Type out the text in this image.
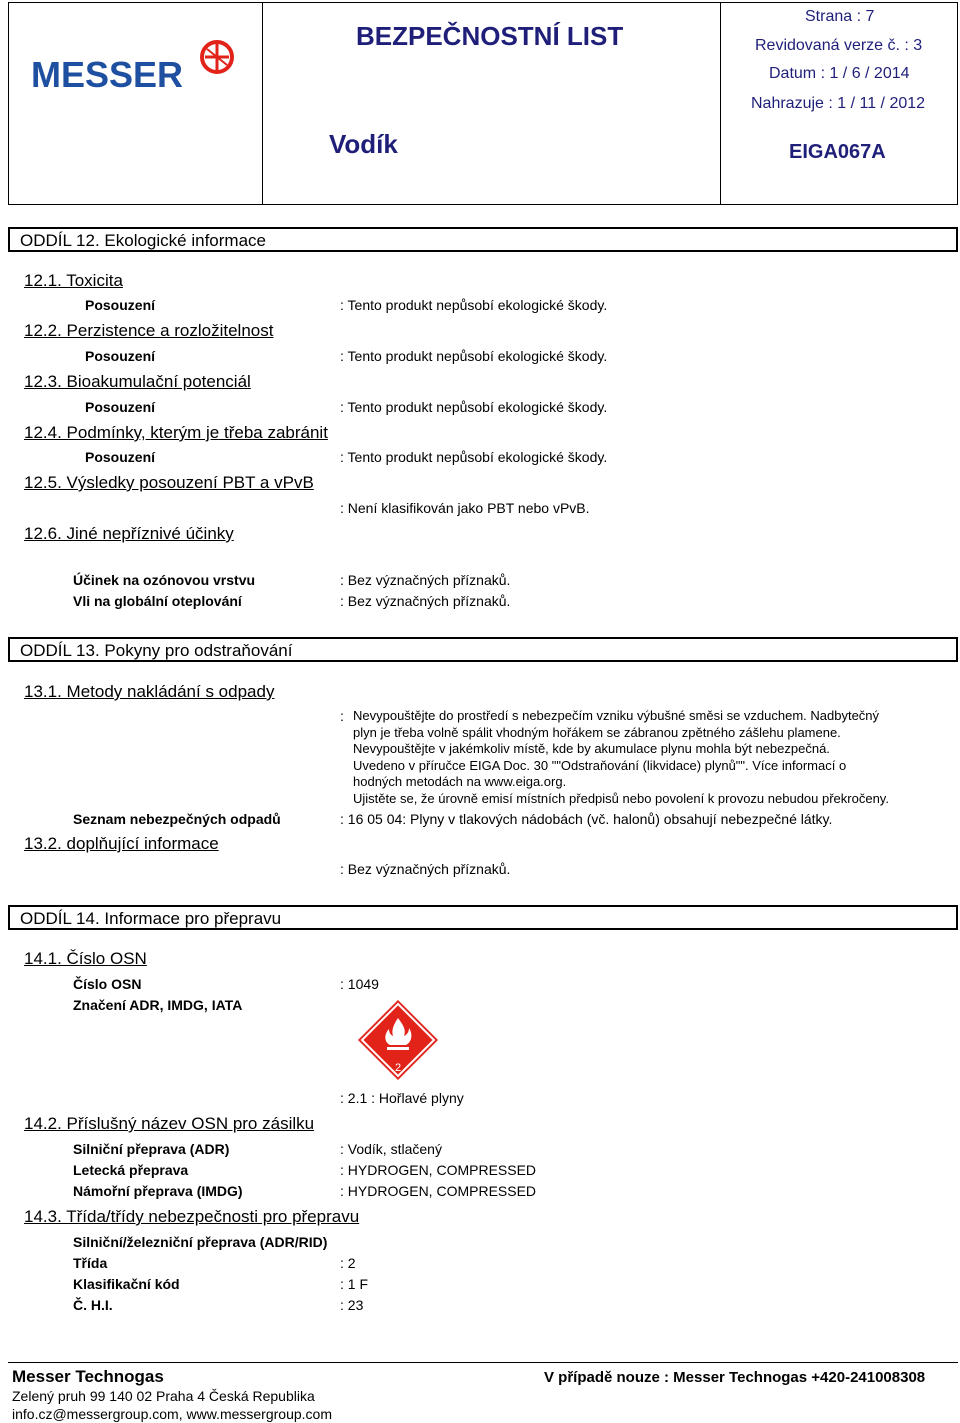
MESSER
BEZPEČNOSTNÍ LIST
Vodík
Strana : 7
Revidovaná verze č. : 3
Datum : 1 / 6 / 2014
Nahrazuje : 1 / 11 / 2012
EIGA067A
ODDÍL 12. Ekologické informace
12.1. Toxicita
Posouzení	: Tento produkt nepůsobí ekologické škody.
12.2. Perzistence a rozložitelnost
Posouzení	: Tento produkt nepůsobí ekologické škody.
12.3. Bioakumulační potenciál
Posouzení	: Tento produkt nepůsobí ekologické škody.
12.4. Podmínky, kterým je třeba zabránit
Posouzení	: Tento produkt nepůsobí ekologické škody.
12.5. Výsledky posouzení PBT a vPvB
: Není klasifikován jako PBT nebo vPvB.
12.6. Jiné nepříznivé účinky
Účinek na ozónovou vrstvu	: Bez význačných příznaků.
Vli na globální oteplování	: Bez význačných příznaků.
ODDÍL 13. Pokyny pro odstraňování
13.1. Metody nakládání s odpady
: Nevypouštějte do prostředí s nebezpečím vzniku výbušné směsi se vzduchem. Nadbytečný
plyn je třeba volně spálit vhodným hořákem se zábranou zpětného zášlehu plamene.
Nevypouštějte v jakémkoliv místě, kde by akumulace plynu mohla být nebezpečná.
Uvedeno v příručce EIGA Doc. 30 ""Odstraňování (likvidace) plynů"". Více informací o
hodných metodách na www.eiga.org.
Ujistěte se, že úrovně emisí místních předpisů nebo povolení k provozu nebudou překročeny.
Seznam nebezpečných odpadů	: 16 05 04: Plyny v tlakových nádobách (vč. halonů) obsahují nebezpečné látky.
13.2. doplňující informace
: Bez význačných příznaků.
ODDÍL 14. Informace pro přepravu
14.1. Číslo OSN
Číslo OSN	: 1049
Značení ADR, IMDG, IATA
2
: 2.1 : Hořlavé plyny
14.2. Příslušný název OSN pro zásilku
Silniční přeprava (ADR)	: Vodík, stlačený
Letecká přeprava	: HYDROGEN, COMPRESSED
Námořní přeprava (IMDG)	: HYDROGEN, COMPRESSED
14.3. Třída/třídy nebezpečnosti pro přepravu
Silniční/železniční přeprava (ADR/RID)
Třída	: 2
Klasifikační kód	: 1 F
Č. H.I.	: 23
Messer Technogas
Zelený pruh 99 140 02 Praha 4 Česká Republika
info.cz@messergroup.com, www.messergroup.com
V případě nouze : Messer Technogas +420-241008308
